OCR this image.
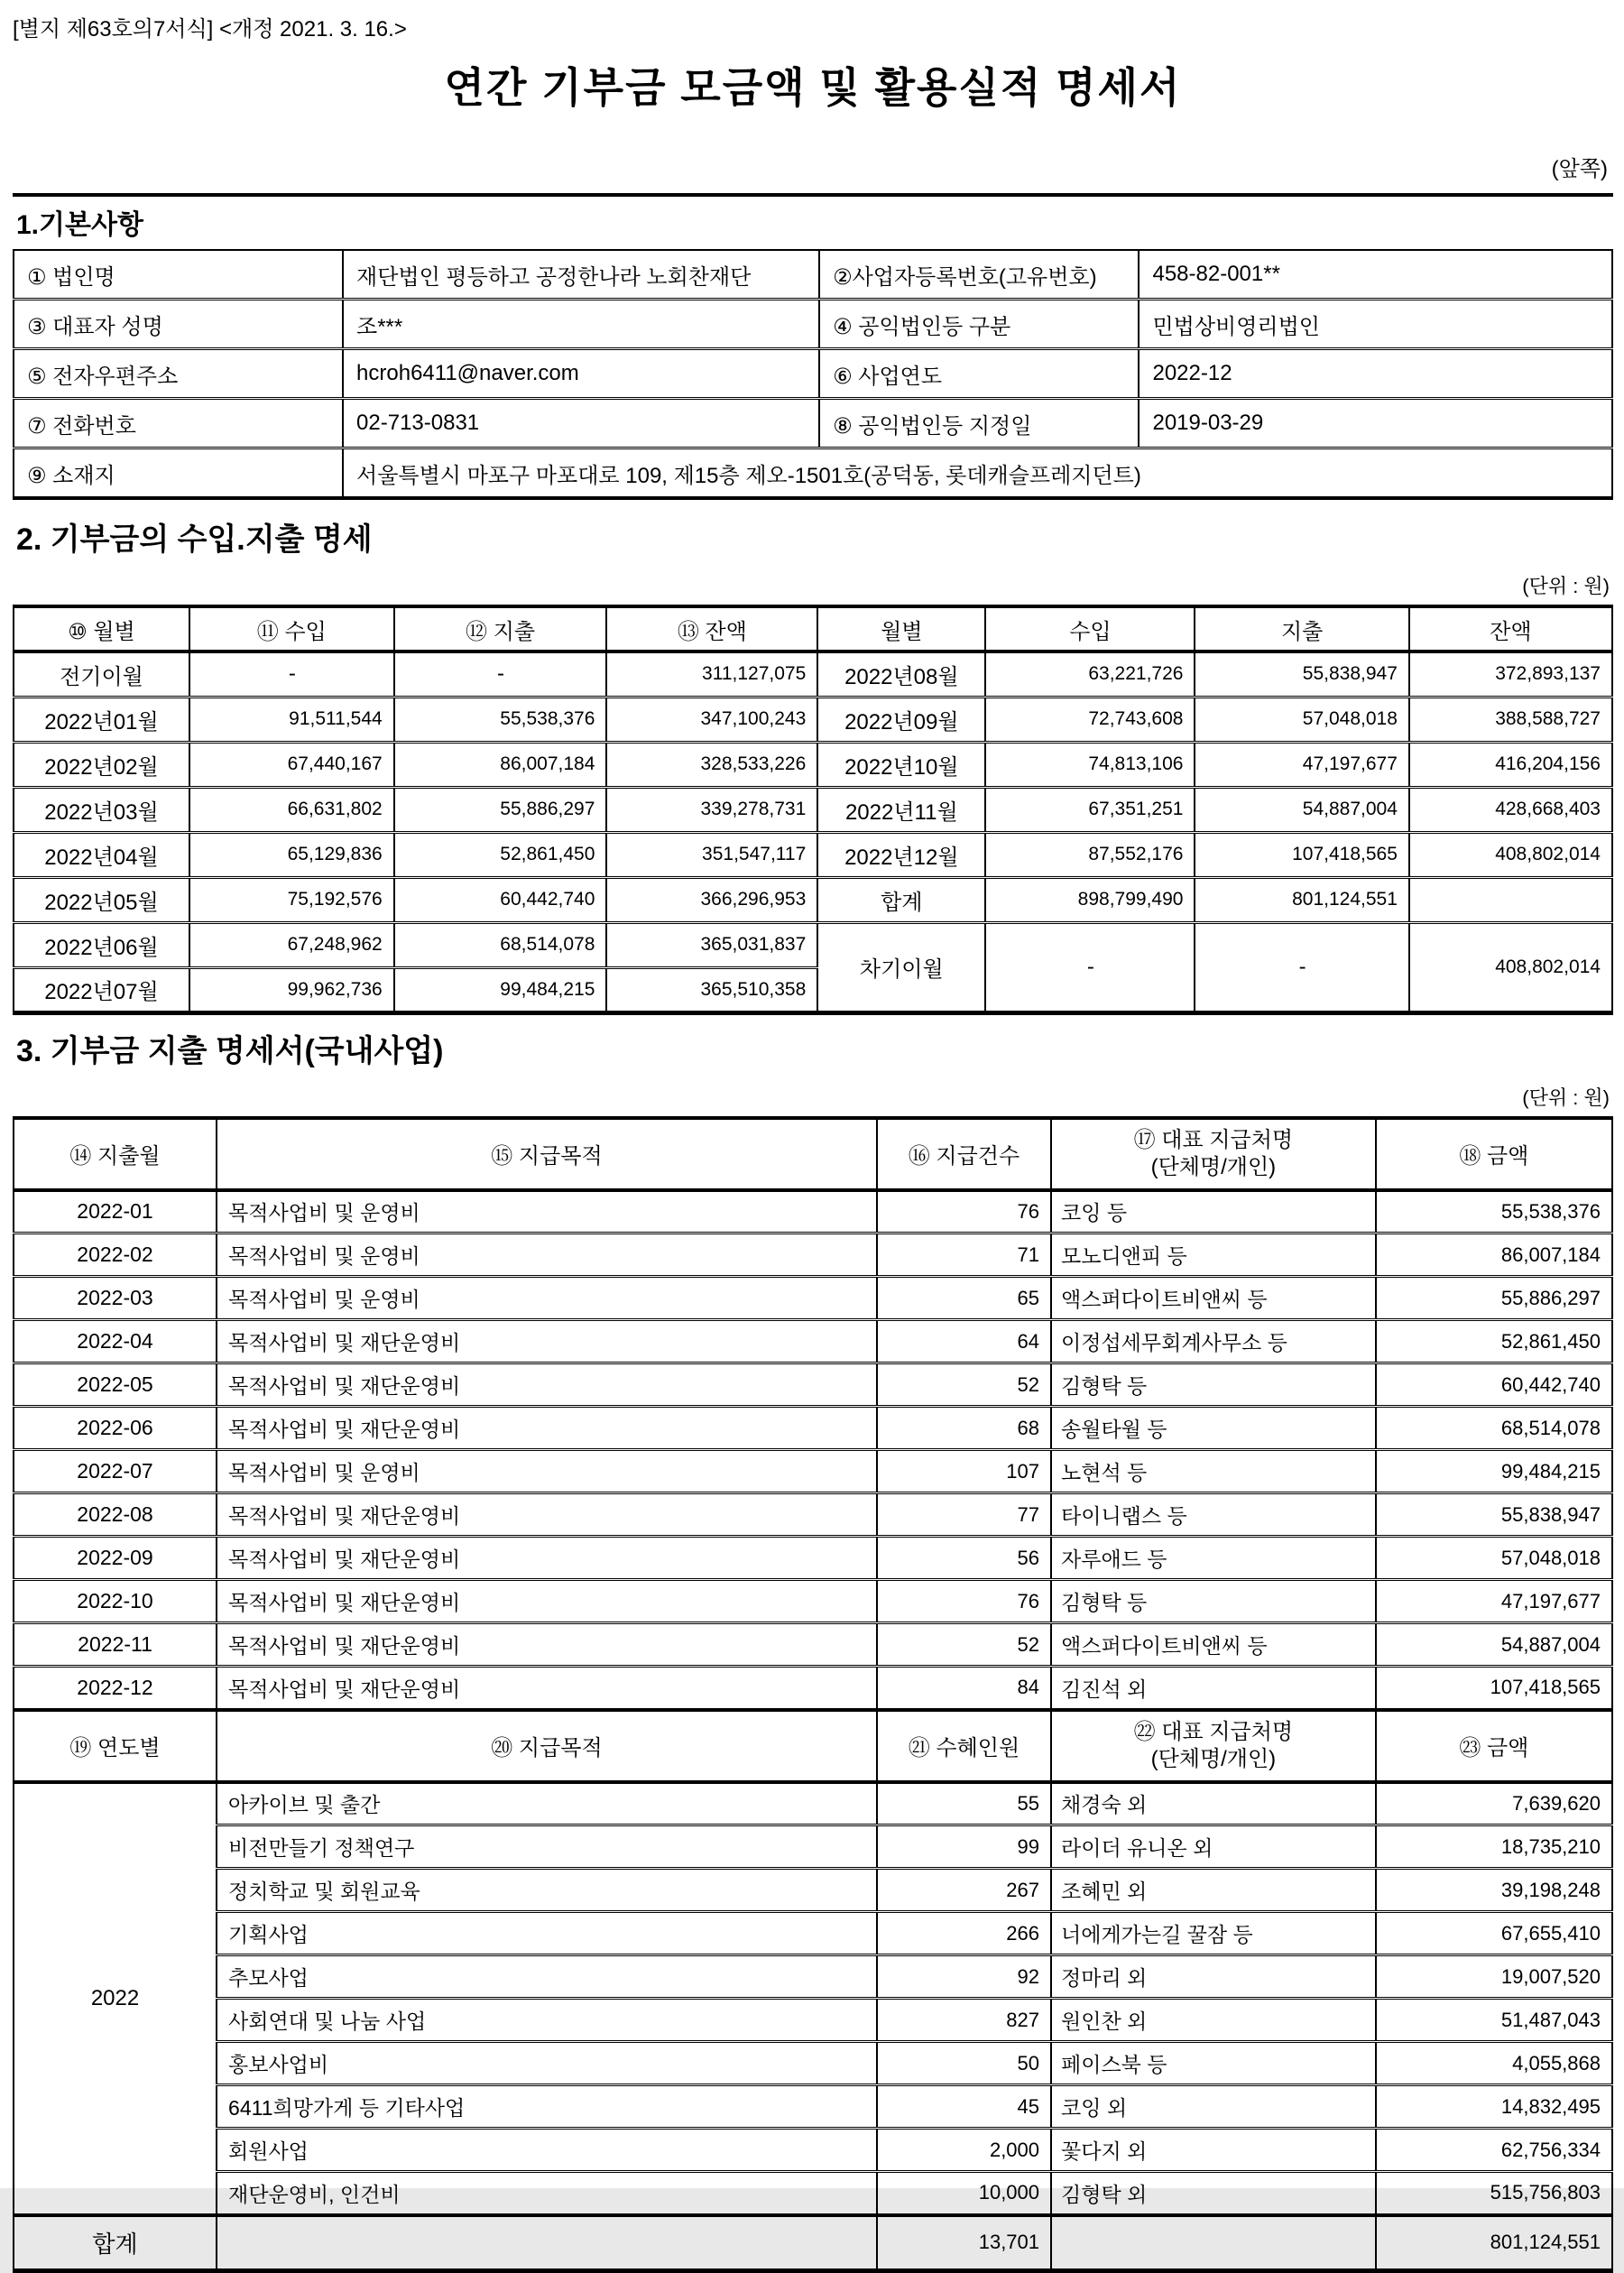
[별지 제63호의7서식] <개정 2021. 3. 16.>
연간 기부금 모금액 및 활용실적 명세서
(앞쪽)
1.기본사항
① 법인명	재단법인 평등하고 공정한나라 노회찬재단	②사업자등록번호(고유번호)	458-82-001**
③ 대표자 성명	조***	④ 공익법인등 구분	민법상비영리법인
⑤ 전자우편주소	hcroh6411@naver.com	⑥ 사업연도	2022-12
⑦ 전화번호	02-713-0831	⑧ 공익법인등 지정일	2019-03-29
⑨ 소재지	서울특별시 마포구 마포대로 109, 제15층 제오-1501호(공덕동, 롯데캐슬프레지던트)		
2. 기부금의 수입.지출 명세
(단위 : 원)
⑩ 월별	⑪ 수입	⑫ 지출	⑬ 잔액	월별	수입	지출	잔액
전기이월	-	-	311,127,075	2022년08월	63,221,726	55,838,947	372,893,137
2022년01월	91,511,544	55,538,376	347,100,243	2022년09월	72,743,608	57,048,018	388,588,727
2022년02월	67,440,167	86,007,184	328,533,226	2022년10월	74,813,106	47,197,677	416,204,156
2022년03월	66,631,802	55,886,297	339,278,731	2022년11월	67,351,251	54,887,004	428,668,403
2022년04월	65,129,836	52,861,450	351,547,117	2022년12월	87,552,176	107,418,565	408,802,014
2022년05월	75,192,576	60,442,740	366,296,953	합계	898,799,490	801,124,551	
2022년06월	67,248,962	68,514,078	365,031,837	차기이월	-	-	408,802,014
2022년07월	99,962,736	99,484,215	365,510,358				
3. 기부금 지출 명세서(국내사업)
(단위 : 원)
⑭ 지출월	⑮ 지급목적	⑯ 지급건수	⑰ 대표 지급처명
(단체명/개인)	⑱ 금액
2022-01	목적사업비 및 운영비	76	코잉 등	55,538,376
2022-02	목적사업비 및 운영비	71	모노디앤피 등	86,007,184
2022-03	목적사업비 및 운영비	65	액스퍼다이트비앤씨 등	55,886,297
2022-04	목적사업비 및 재단운영비	64	이정섭세무회계사무소 등	52,861,450
2022-05	목적사업비 및 재단운영비	52	김형탁 등	60,442,740
2022-06	목적사업비 및 재단운영비	68	송월타월 등	68,514,078
2022-07	목적사업비 및 운영비	107	노현석 등	99,484,215
2022-08	목적사업비 및 재단운영비	77	타이니랩스 등	55,838,947
2022-09	목적사업비 및 재단운영비	56	자루애드 등	57,048,018
2022-10	목적사업비 및 재단운영비	76	김형탁 등	47,197,677
2022-11	목적사업비 및 재단운영비	52	액스퍼다이트비앤씨 등	54,887,004
2022-12	목적사업비 및 재단운영비	84	김진석 외	107,418,565
⑲ 연도별	⑳ 지급목적	㉑ 수혜인원	㉒ 대표 지급처명
(단체명/개인)	㉓ 금액
2022	아카이브 및 출간	55	채경숙 외	7,639,620
	비전만들기 정책연구	99	라이더 유니온 외	18,735,210
	정치학교 및 회원교육	267	조혜민 외	39,198,248
	기획사업	266	너에게가는길 꿀잠 등	67,655,410
	추모사업	92	정마리 외	19,007,520
	사회연대 및 나눔 사업	827	원인찬 외	51,487,043
	홍보사업비	50	페이스북 등	4,055,868
	6411희망가게 등 기타사업	45	코잉 외	14,832,495
	회원사업	2,000	꽃다지 외	62,756,334
	재단운영비, 인건비	10,000	김형탁 외	515,756,803
합계		13,701		801,124,551
